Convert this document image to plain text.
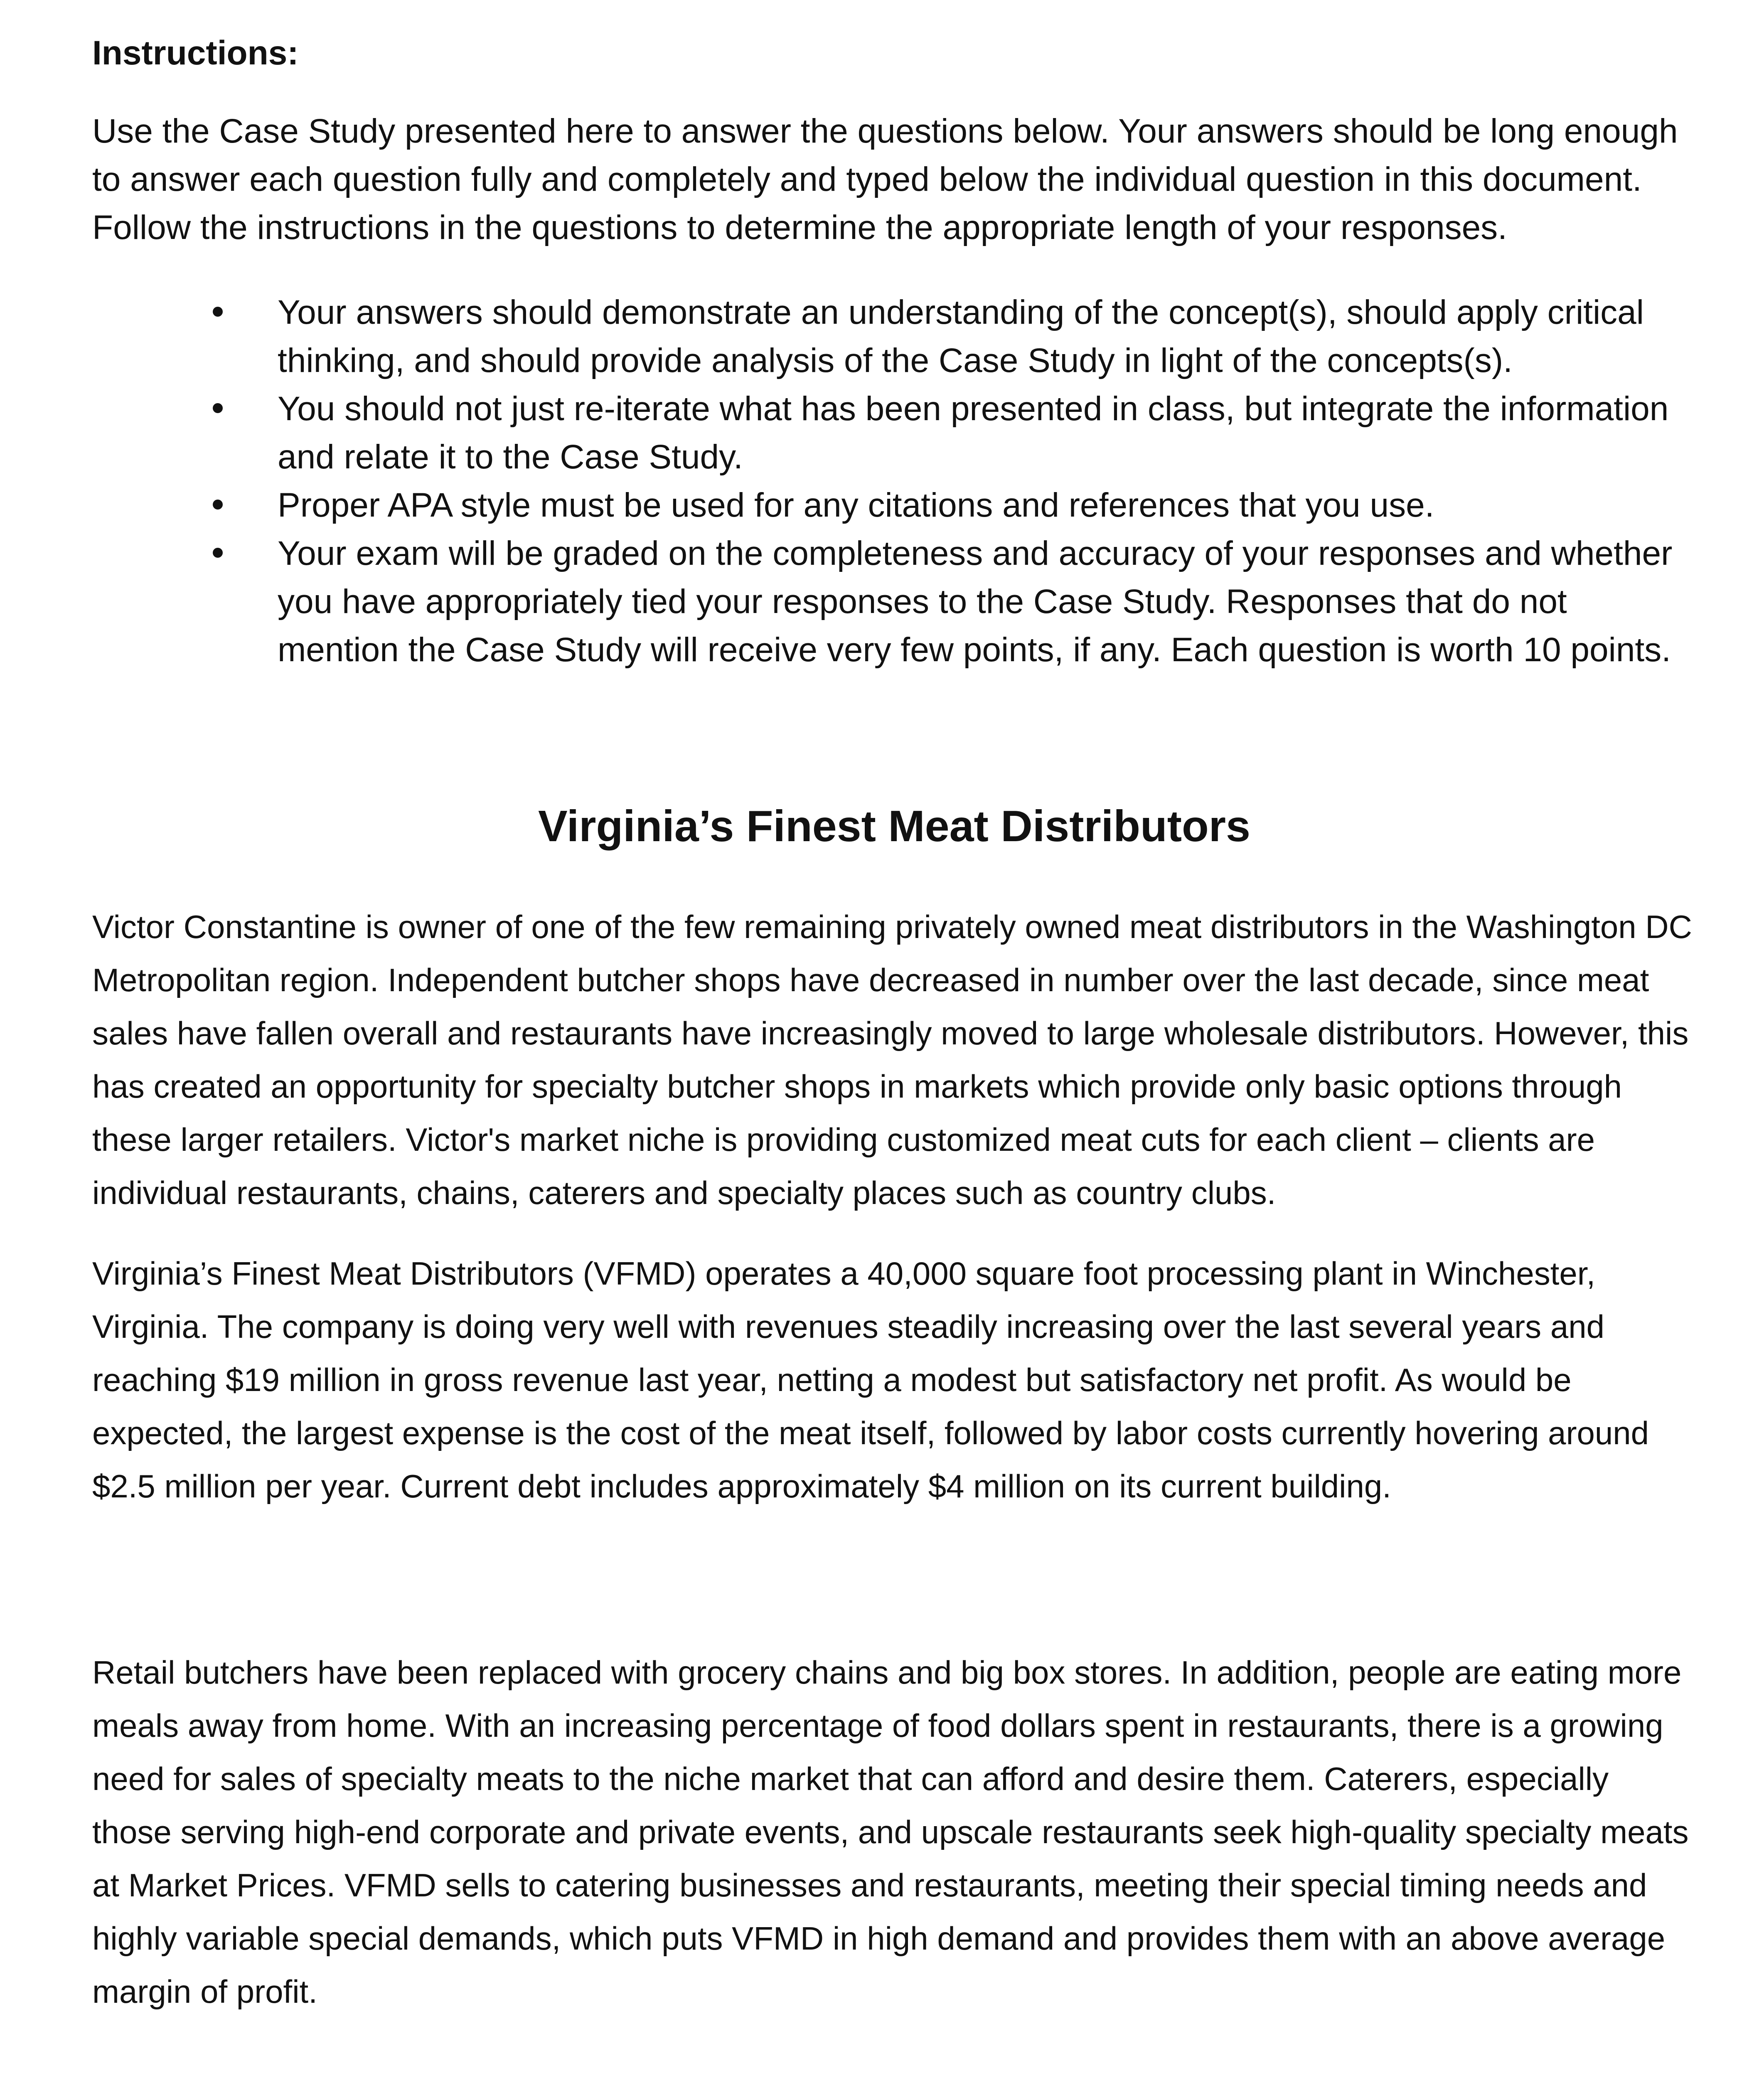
Instructions:

Use the Case Study presented here to answer the questions below. Your answers should be long enough to answer each question fully and completely and typed below the individual question in this document. Follow the instructions in the questions to determine the appropriate length of your responses.

Your answers should demonstrate an understanding of the concept(s), should apply critical thinking, and should provide analysis of the Case Study in light of the concepts(s).
You should not just re-iterate what has been presented in class, but integrate the information and relate it to the Case Study.
Proper APA style must be used for any citations and references that you use.
Your exam will be graded on the completeness and accuracy of your responses and whether you have appropriately tied your responses to the Case Study. Responses that do not mention the Case Study will receive very few points, if any. Each question is worth 10 points.
Virginia’s Finest Meat Distributors

Victor Constantine is owner of one of the few remaining privately owned meat distributors in the Washington DC Metropolitan region. Independent butcher shops have decreased in number over the last decade, since meat sales have fallen overall and restaurants have increasingly moved to large wholesale distributors. However, this has created an opportunity for specialty butcher shops in markets which provide only basic options through these larger retailers. Victor's market niche is providing customized meat cuts for each client – clients are individual restaurants, chains, caterers and specialty places such as country clubs.

Virginia’s Finest Meat Distributors (VFMD) operates a 40,000 square foot processing plant in Winchester, Virginia. The company is doing very well with revenues steadily increasing over the last several years and reaching $19 million in gross revenue last year, netting a modest but satisfactory net profit. As would be expected, the largest expense is the cost of the meat itself, followed by labor costs currently hovering around $2.5 million per year. Current debt includes approximately $4 million on its current building.

Retail butchers have been replaced with grocery chains and big box stores. In addition, people are eating more meals away from home. With an increasing percentage of food dollars spent in restaurants, there is a growing need for sales of specialty meats to the niche market that can afford and desire them. Caterers, especially those serving high-end corporate and private events, and upscale restaurants seek high-quality specialty meats at Market Prices. VFMD sells to catering businesses and restaurants, meeting their special timing needs and highly variable special demands, which puts VFMD in high demand and provides them with an above average margin of profit.
